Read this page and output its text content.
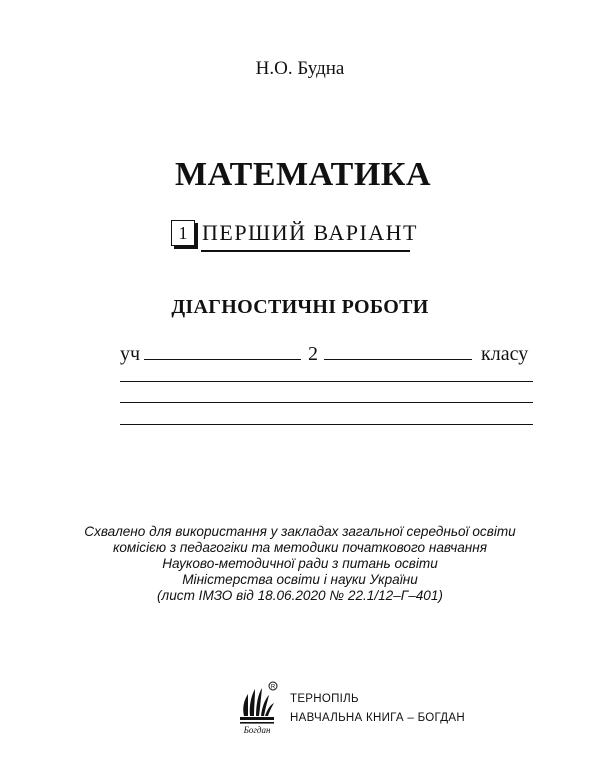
Н.О. Будна
МАТЕМАТИКА
1 ПЕРШИЙ ВАРІАНТ
ДІАГНОСТИЧНІ РОБОТИ
уч	2	класу
Схвалено для використання у закладах загальної середньої освіти
комісією з педагогіки та методики початкового навчання
Науково-методичної ради з питань освіти
Міністерства освіти і науки України
(лист ІМЗО від 18.06.2020 № 22.1/12–Г–401)
R
Богдан
ТЕРНОПІЛЬ
НАВЧАЛЬНА КНИГА – БОГДАН
